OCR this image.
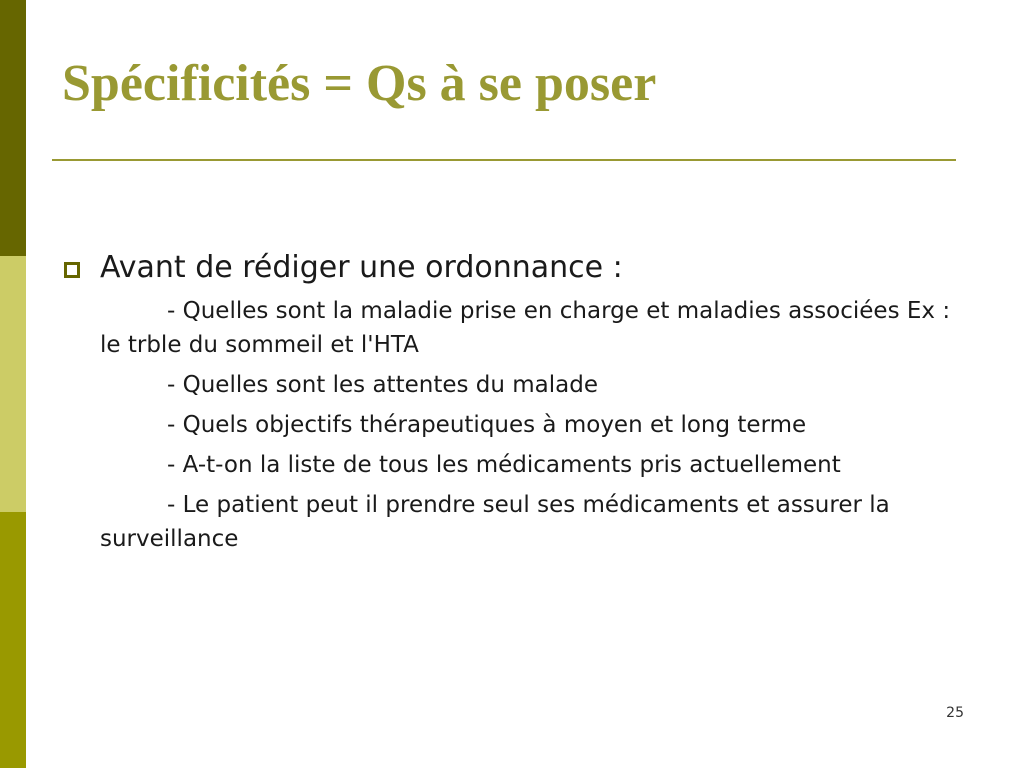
Spécificités = Qs à se poser
Avant de rédiger une ordonnance :
- Quelles sont la maladie prise en charge et maladies associées Ex : le trble du sommeil et l'HTA
- Quelles sont les attentes du malade
- Quels objectifs thérapeutiques à moyen et long terme
- A-t-on la liste de tous les médicaments pris actuellement
- Le patient peut il prendre seul ses médicaments et assurer la surveillance
25
